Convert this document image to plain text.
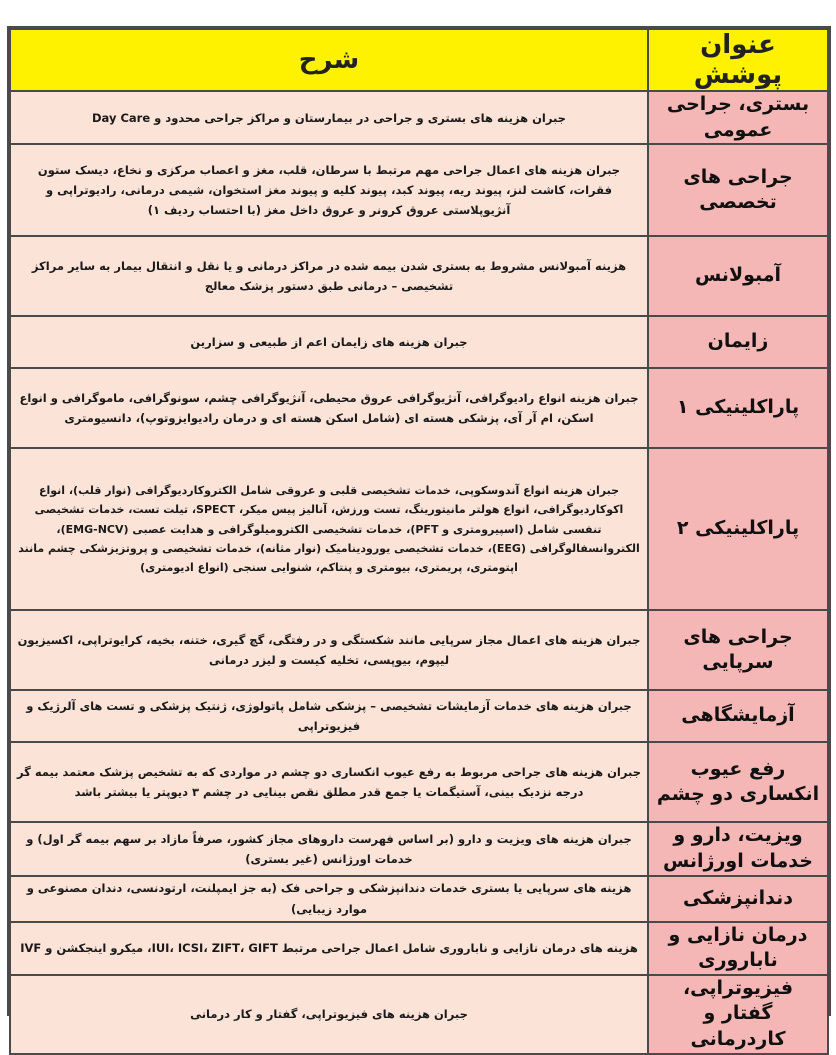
عنوان پوشش	شرح
بستری، جراحی عمومی	جبران هزینه های بستری و جراحی در بیمارستان و مراکز جراحی محدود و Day Care
جراحی های تخصصی	جبران هزینه های اعمال جراحی مهم مرتبط با سرطان، قلب، مغز و اعصاب مرکزی و نخاع، دیسک ستون فقرات، کاشت لنز، پیوند ریه، پیوند کبد، پیوند کلیه و پیوند مغز استخوان، شیمی درمانی، رادیوتراپی و آنژیوپلاستی عروق کرونر و عروق داخل مغز (با احتساب ردیف ۱)
آمبولانس	هزینه آمبولانس مشروط به بستری شدن بیمه شده در مراکز درمانی و یا نقل و انتقال بیمار به سایر مراکز تشخیصی – درمانی طبق دستور پزشک معالج
زایمان	جبران هزینه های زایمان اعم از طبیعی و سزارین
پاراکلینیکی ۱	جبران هزینه انواع رادیوگرافی، آنژیوگرافی عروق محیطی، آنژیوگرافی چشم، سونوگرافی، ماموگرافی و انواع اسکن، ام آر آی، پزشکی هسته ای (شامل اسکن هسته ای و درمان رادیوایزوتوپ)، دانسیومتری
پاراکلینیکی ۲	جبران هزینه انواع آندوسکوپی، خدمات تشخیصی قلبی و عروقی شامل الکتروکاردیوگرافی (نوار قلب)، انواع اکوکاردیوگرافی، انواع هولتر مانیتورینگ، تست ورزش، آنالیز پیس میکر، SPECT، تیلت تست، خدمات تشخیصی تنفسی شامل (اسپیرومتری و PFT)، خدمات تشخیصی الکترومیلوگرافی و هدایت عصبی (EMG-NCV)، الکتروانسفالوگرافی (EEG)، خدمات تشخیصی یورودینامیک (نوار مثانه)، خدمات تشخیصی و پروتزیزشکی چشم مانند اپتومتری، پریمتری، بیومتری و پنتاکم، شنوایی سنجی (انواع ادیومتری)
جراحی های سرپایی	جبران هزینه های اعمال مجاز سرپایی مانند شکستگی و در رفتگی، گچ گیری، ختنه، بخیه، کرایوتراپی، اکسیزیون لیپوم، بیوپسی، تخلیه کیست و لیزر درمانی
آزمایشگاهی	جبران هزینه های خدمات آزمایشات تشخیصی – پزشکی شامل پاتولوژی، ژنتیک پزشکی و تست های آلرژیک و فیزیوتراپی
رفع عیوب انکساری دو چشم	جبران هزینه های جراحی مربوط به رفع عیوب انکساری دو چشم در مواردی که به تشخیص پزشک معتمد بیمه گر درجه نزدیک بینی، آستیگمات یا جمع قدر مطلق نقص بینایی در چشم ۳ دیوپتر یا بیشتر باشد
ویزیت، دارو و خدمات اورژانس	جبران هزینه های ویزیت و دارو (بر اساس فهرست داروهای مجاز کشور، صرفاً مازاد بر سهم بیمه گر اول) و خدمات اورژانس (غیر بستری)
دندانپزشکی	هزینه های سرپایی یا بستری خدمات دندانپزشکی و جراحی فک (به جز ایمپلنت، ارتودنسی، دندان مصنوعی و موارد زیبایی)
درمان نازایی و ناباروری	هزینه های درمان نازایی و ناباروری شامل اعمال جراحی مرتبط IUI، ICSI، ZIFT، GIFT، میکرو اینجکشن و IVF
فیزیوتراپی، گفتار و کاردرمانی	جبران هزینه های فیزیوتراپی، گفتار و کار درمانی
